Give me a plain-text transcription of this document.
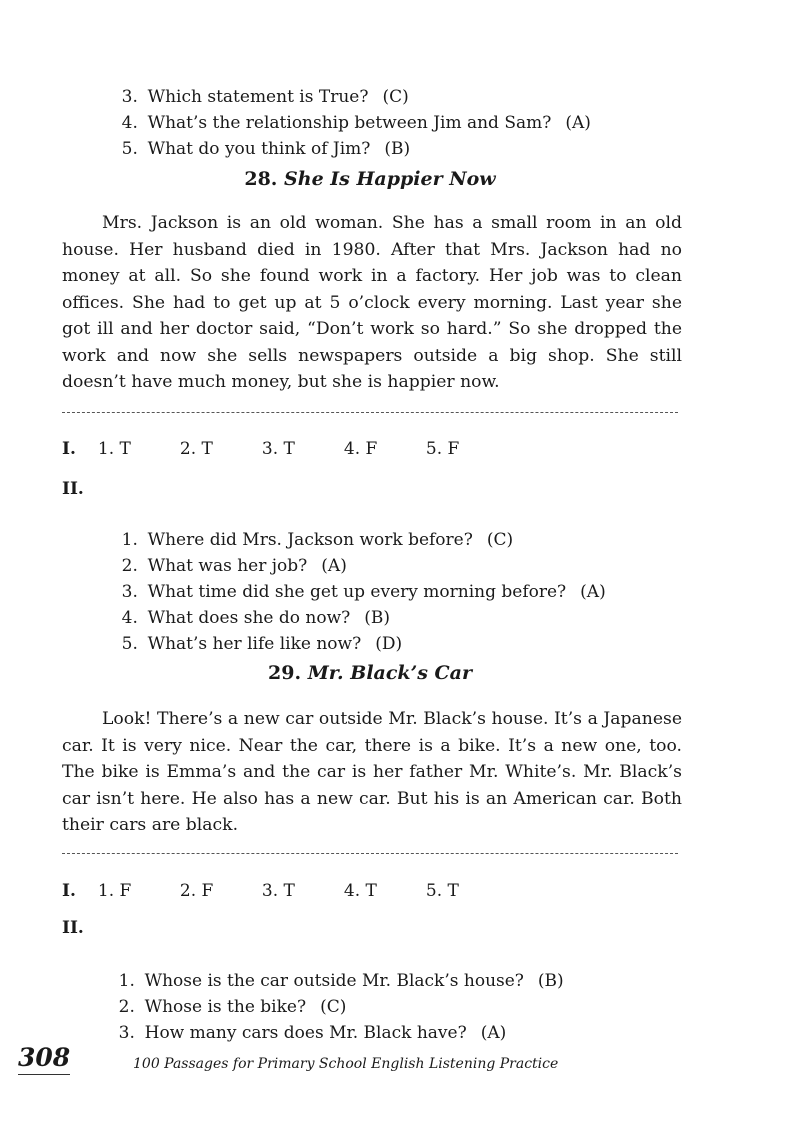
3. Which statement is True? (C)

4. What’s the relationship between Jim and Sam? (A)

5. What do you think of Jim? (B)

28. She Is Happier Now

Mrs. Jackson is an old woman. She has a small room in an old house. Her husband died in 1980. After that Mrs. Jackson had no money at all. So she found work in a factory. Her job was to clean offices. She had to get up at 5 o’clock every morning. Last year she got ill and her doctor said, “Don’t work so hard.” So she dropped the work and now she sells newspapers outside a big shop. She still doesn’t have much money, but she is happier now.

I. 1. T	2. T	3. T	4. F	5. F
II.

1. Where did Mrs. Jackson work before? (C)

2. What was her job? (A)

3. What time did she get up every morning before? (A)

4. What does she do now? (B)

5. What’s her life like now? (D)

29. Mr. Black’s Car

Look! There’s a new car outside Mr. Black’s house. It’s a Japanese car. It is very nice. Near the car, there is a bike. It’s a new one, too. The bike is Emma’s and the car is her father Mr. White’s. Mr. Black’s car isn’t here. He also has a new car. But his is an American car. Both their cars are black.

I. 1. F	2. F	3. T	4. T	5. T
II.

1. Whose is the car outside Mr. Black’s house? (B)

2. Whose is the bike? (C)

3. How many cars does Mr. Black have? (A)

308	100 Passages for Primary School English Listening Practice
